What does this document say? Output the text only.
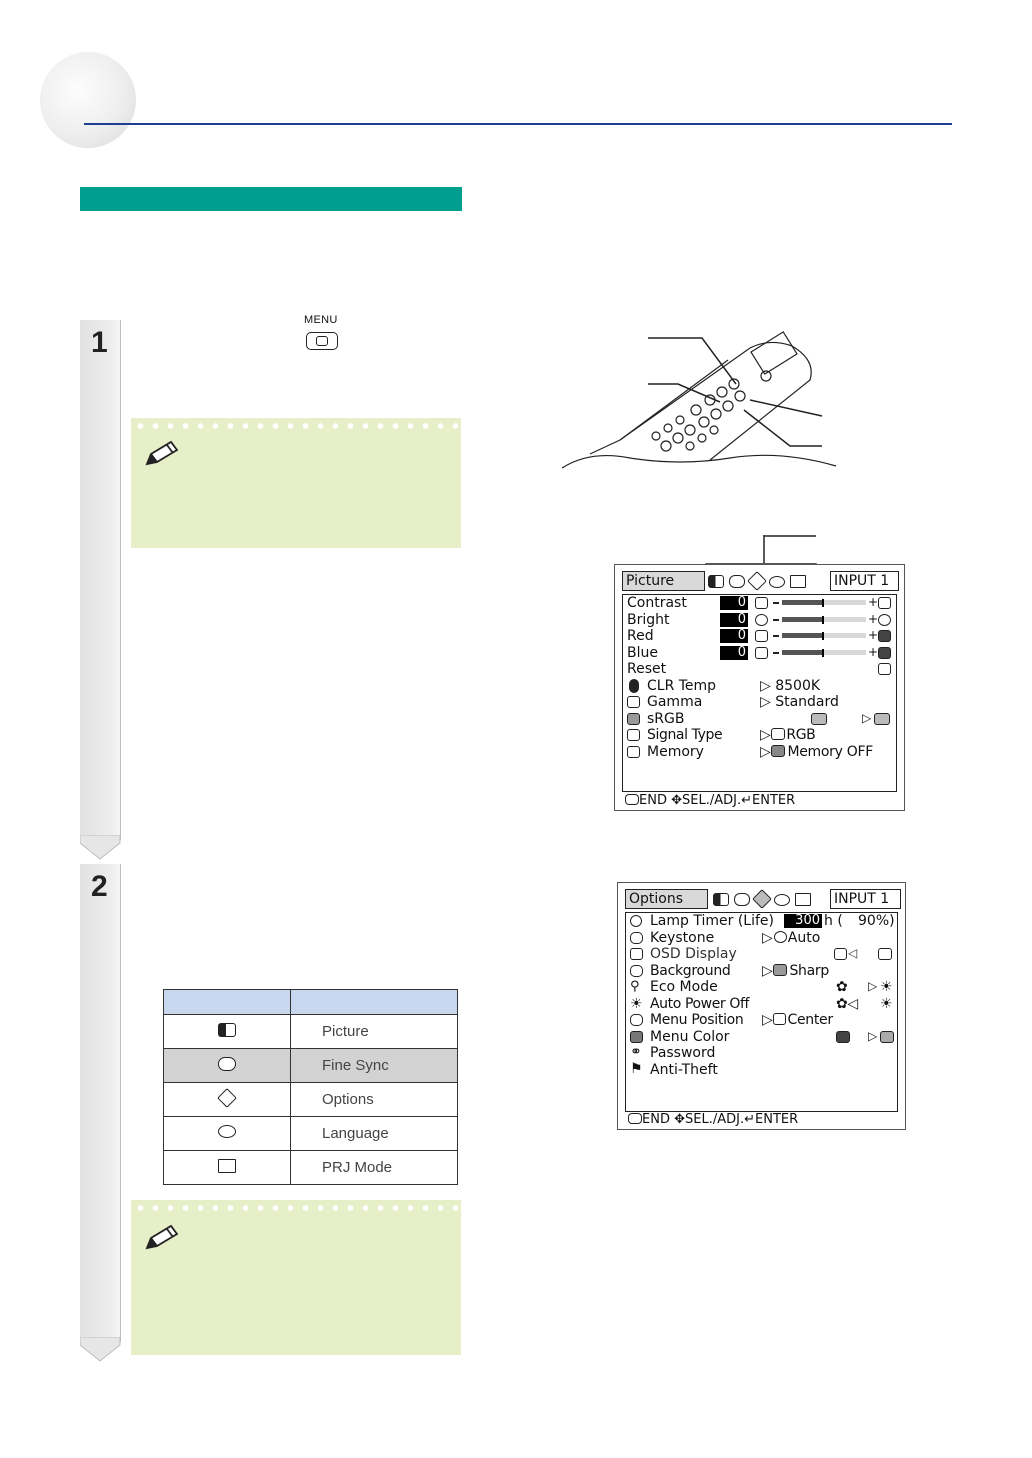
1
MENU
Picture
	INPUT 1
Contrast	0	+
Bright	0	+
Red	0	+
Blue	0	+
Reset
CLR Temp	▷ 8500K
Gamma	▷ Standard
sRGB	▷
Signal Type	▷ RGB
Memory	▷ Memory OFF
END ✥SEL./ADJ.↵ENTER
2

	Picture
	Fine Sync
	Options
	Language
	PRJ Mode
Options
	INPUT 1
Lamp Timer (Life)	300 h ( 90%)
Keystone	▷ Auto
OSD Display	◁
Background ▷ Sharp
⚲ Eco Mode	✿ ▷ ☀
☀ Auto Power Off	✿◁ ☀
Menu Position ▷ Center
Menu Color	▷
⚭ Password
⚑ Anti-Theft
END ✥SEL./ADJ.↵ENTER
